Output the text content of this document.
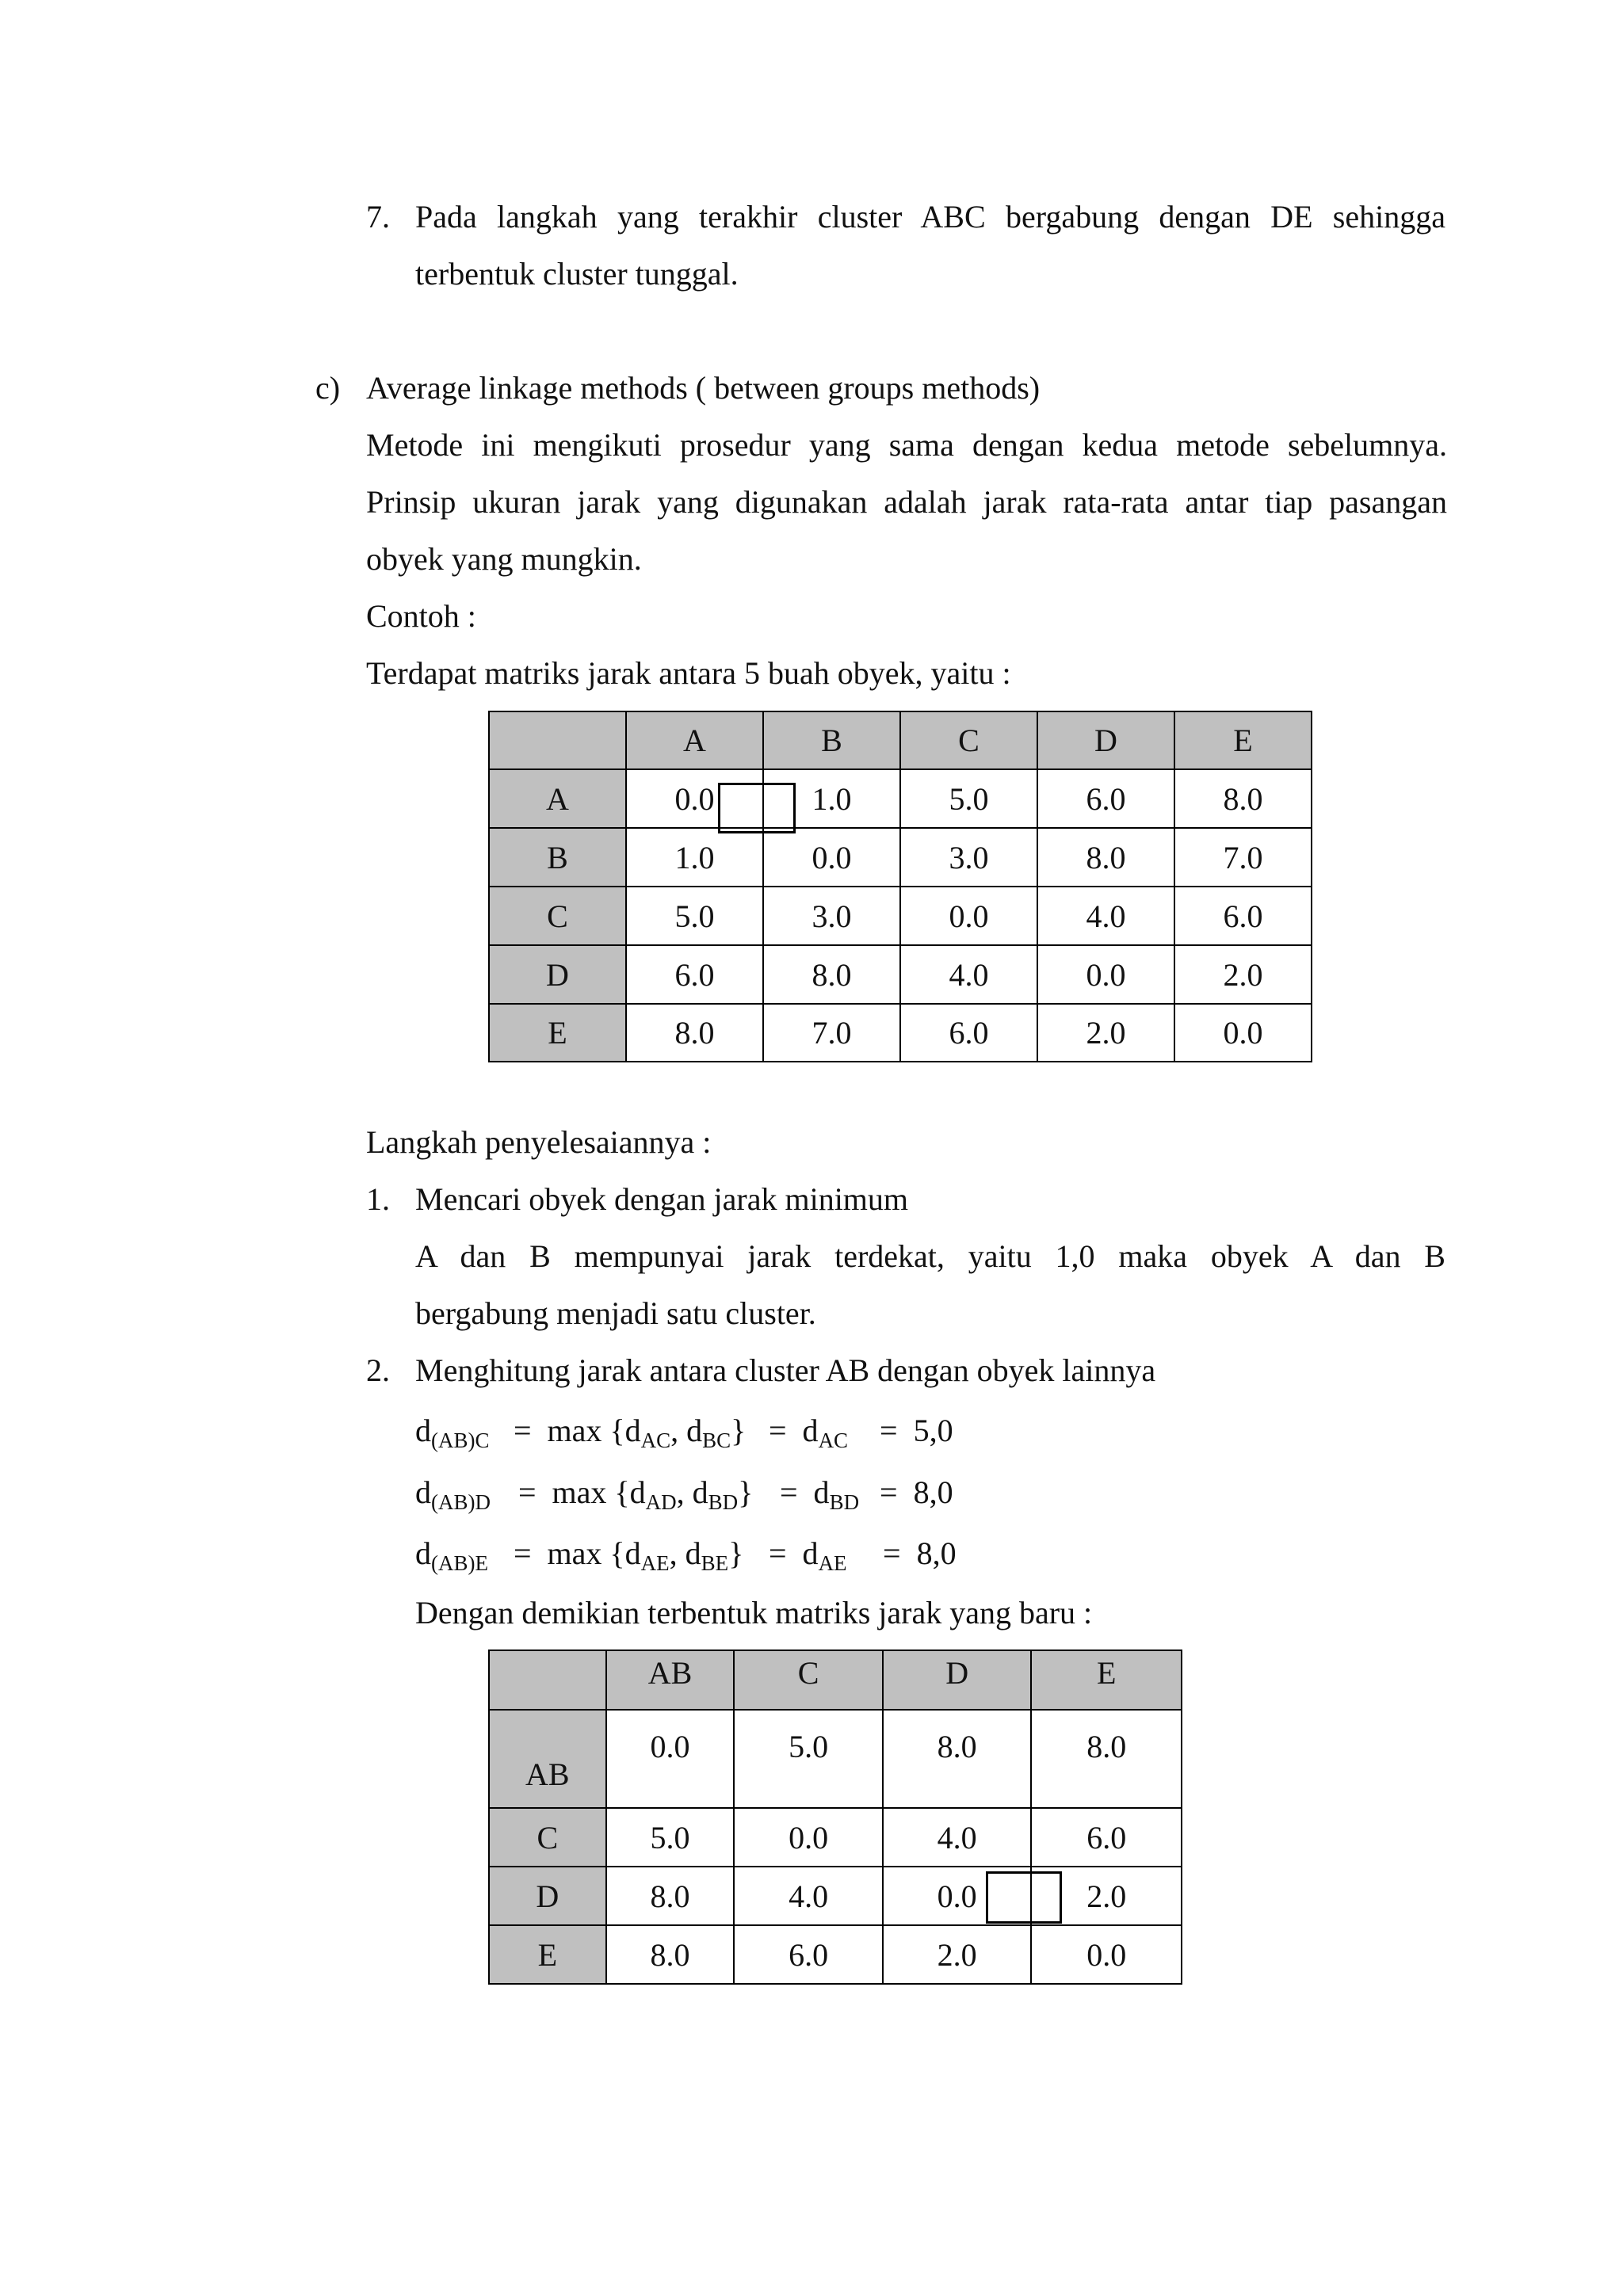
7. Pada langkah yang terakhir cluster ABC bergabung dengan DE sehingga
terbentuk cluster tunggal.
c) Average linkage methods ( between groups methods)
Metode ini mengikuti prosedur yang sama dengan kedua metode sebelumnya.
Prinsip ukuran jarak yang digunakan adalah jarak rata-rata antar tiap pasangan
obyek yang mungkin.
Contoh :
Terdapat matriks jarak antara 5 buah obyek, yaitu :
	A	B	C	D	E
A	0.0	1.0	5.0	6.0	8.0
B	1.0	0.0	3.0	8.0	7.0
C	5.0	3.0	0.0	4.0	6.0
D	6.0	8.0	4.0	0.0	2.0
E	8.0	7.0	6.0	2.0	0.0
Langkah penyelesaiannya :
1. Mencari obyek dengan jarak minimum
A dan B mempunyai jarak terdekat, yaitu 1,0 maka obyek A dan B
bergabung menjadi satu cluster.
2. Menghitung jarak antara cluster AB dengan obyek lainnya
$d_{(AB)C} = \max \{d_{AC}$, $d_{BC}\} = d_{AC} = 5,0$
$d_{(AB)D} = \max \{d_{AD}$, $d_{BD}\} = d_{BD} = 8,0$
$d_{(AB)E} = \max \{d_{AE}$, $d_{BE}\} = d_{AE} = 8,0$
Dengan demikian terbentuk matriks jarak yang baru :
	AB	C	D	E
AB	0.0	5.0	8.0	8.0
C	5.0	0.0	4.0	6.0
D	8.0	4.0	0.0	2.0
E	8.0	6.0	2.0	0.0
